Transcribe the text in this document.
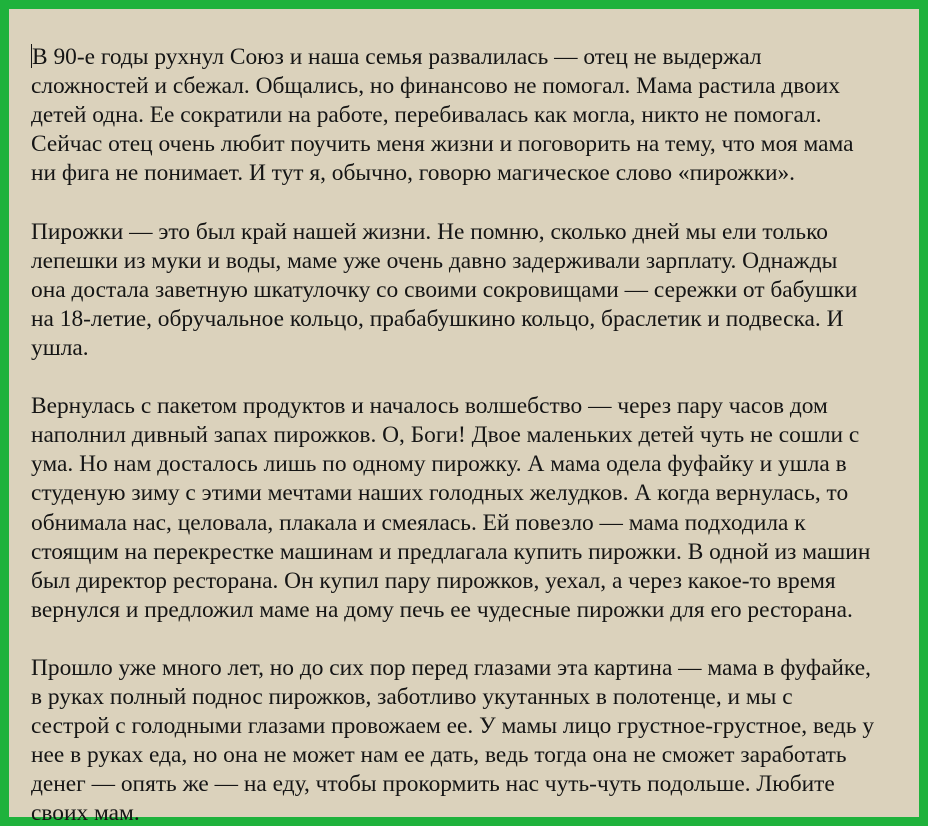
В 90-е годы рухнул Союз и наша семья развалилась — отец не выдержал
сложностей и сбежал. Общались, но финансово не помогал. Мама растила двоих
детей одна. Ее сократили на работе, перебивалась как могла, никто не помогал.
Сейчас отец очень любит поучить меня жизни и поговорить на тему, что моя мама
ни фига не понимает. И тут я, обычно, говорю магическое слово «пирожки».
Пирожки — это был край нашей жизни. Не помню, сколько дней мы ели только
лепешки из муки и воды, маме уже очень давно задерживали зарплату. Однажды
она достала заветную шкатулочку со своими сокровищами — сережки от бабушки
на 18-летие, обручальное кольцо, прабабушкино кольцо, браслетик и подвеска. И
ушла.
Вернулась с пакетом продуктов и началось волшебство — через пару часов дом
наполнил дивный запах пирожков. О, Боги! Двое маленьких детей чуть не сошли с
ума. Но нам досталось лишь по одному пирожку. А мама одела фуфайку и ушла в
студеную зиму с этими мечтами наших голодных желудков. А когда вернулась, то
обнимала нас, целовала, плакала и смеялась. Ей повезло — мама подходила к
стоящим на перекрестке машинам и предлагала купить пирожки. В одной из машин
был директор ресторана. Он купил пару пирожков, уехал, а через какое-то время
вернулся и предложил маме на дому печь ее чудесные пирожки для его ресторана.
Прошло уже много лет, но до сих пор перед глазами эта картина — мама в фуфайке,
в руках полный поднос пирожков, заботливо укутанных в полотенце, и мы с
сестрой с голодными глазами провожаем ее. У мамы лицо грустное-грустное, ведь у
нее в руках еда, но она не может нам ее дать, ведь тогда она не сможет заработать
денег — опять же — на еду, чтобы прокормить нас чуть-чуть подольше. Любите
своих мам.
